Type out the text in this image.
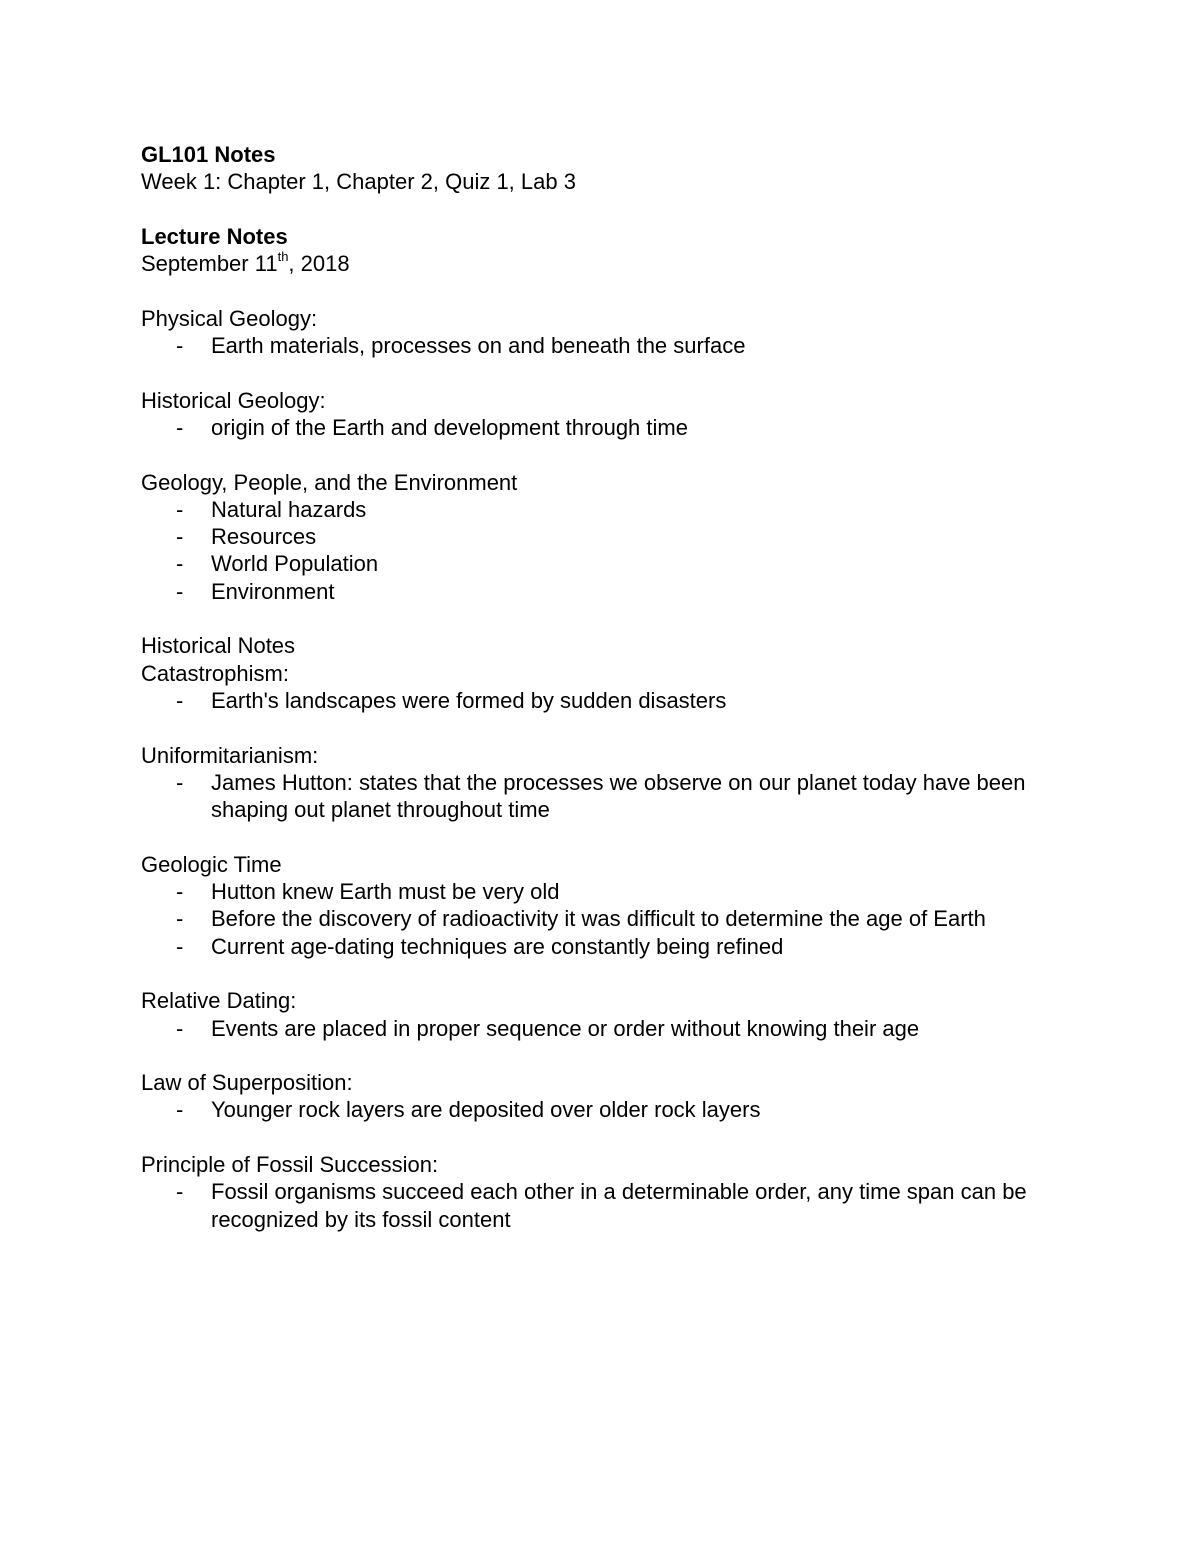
GL101 Notes

Week 1: Chapter 1, Chapter 2, Quiz 1, Lab 3

Lecture Notes

September 11th, 2018

Physical Geology:

- Earth materials, processes on and beneath the surface

Historical Geology:

- origin of the Earth and development through time

Geology, People, and the Environment

- Natural hazards
- Resources
- World Population
- Environment

Historical Notes

Catastrophism:

- Earth's landscapes were formed by sudden disasters

Uniformitarianism:

- James Hutton: states that the processes we observe on our planet today have been shaping out planet throughout time

Geologic Time

- Hutton knew Earth must be very old
- Before the discovery of radioactivity it was difficult to determine the age of Earth
- Current age-dating techniques are constantly being refined

Relative Dating:

- Events are placed in proper sequence or order without knowing their age

Law of Superposition:

- Younger rock layers are deposited over older rock layers

Principle of Fossil Succession:

- Fossil organisms succeed each other in a determinable order, any time span can be recognized by its fossil content
